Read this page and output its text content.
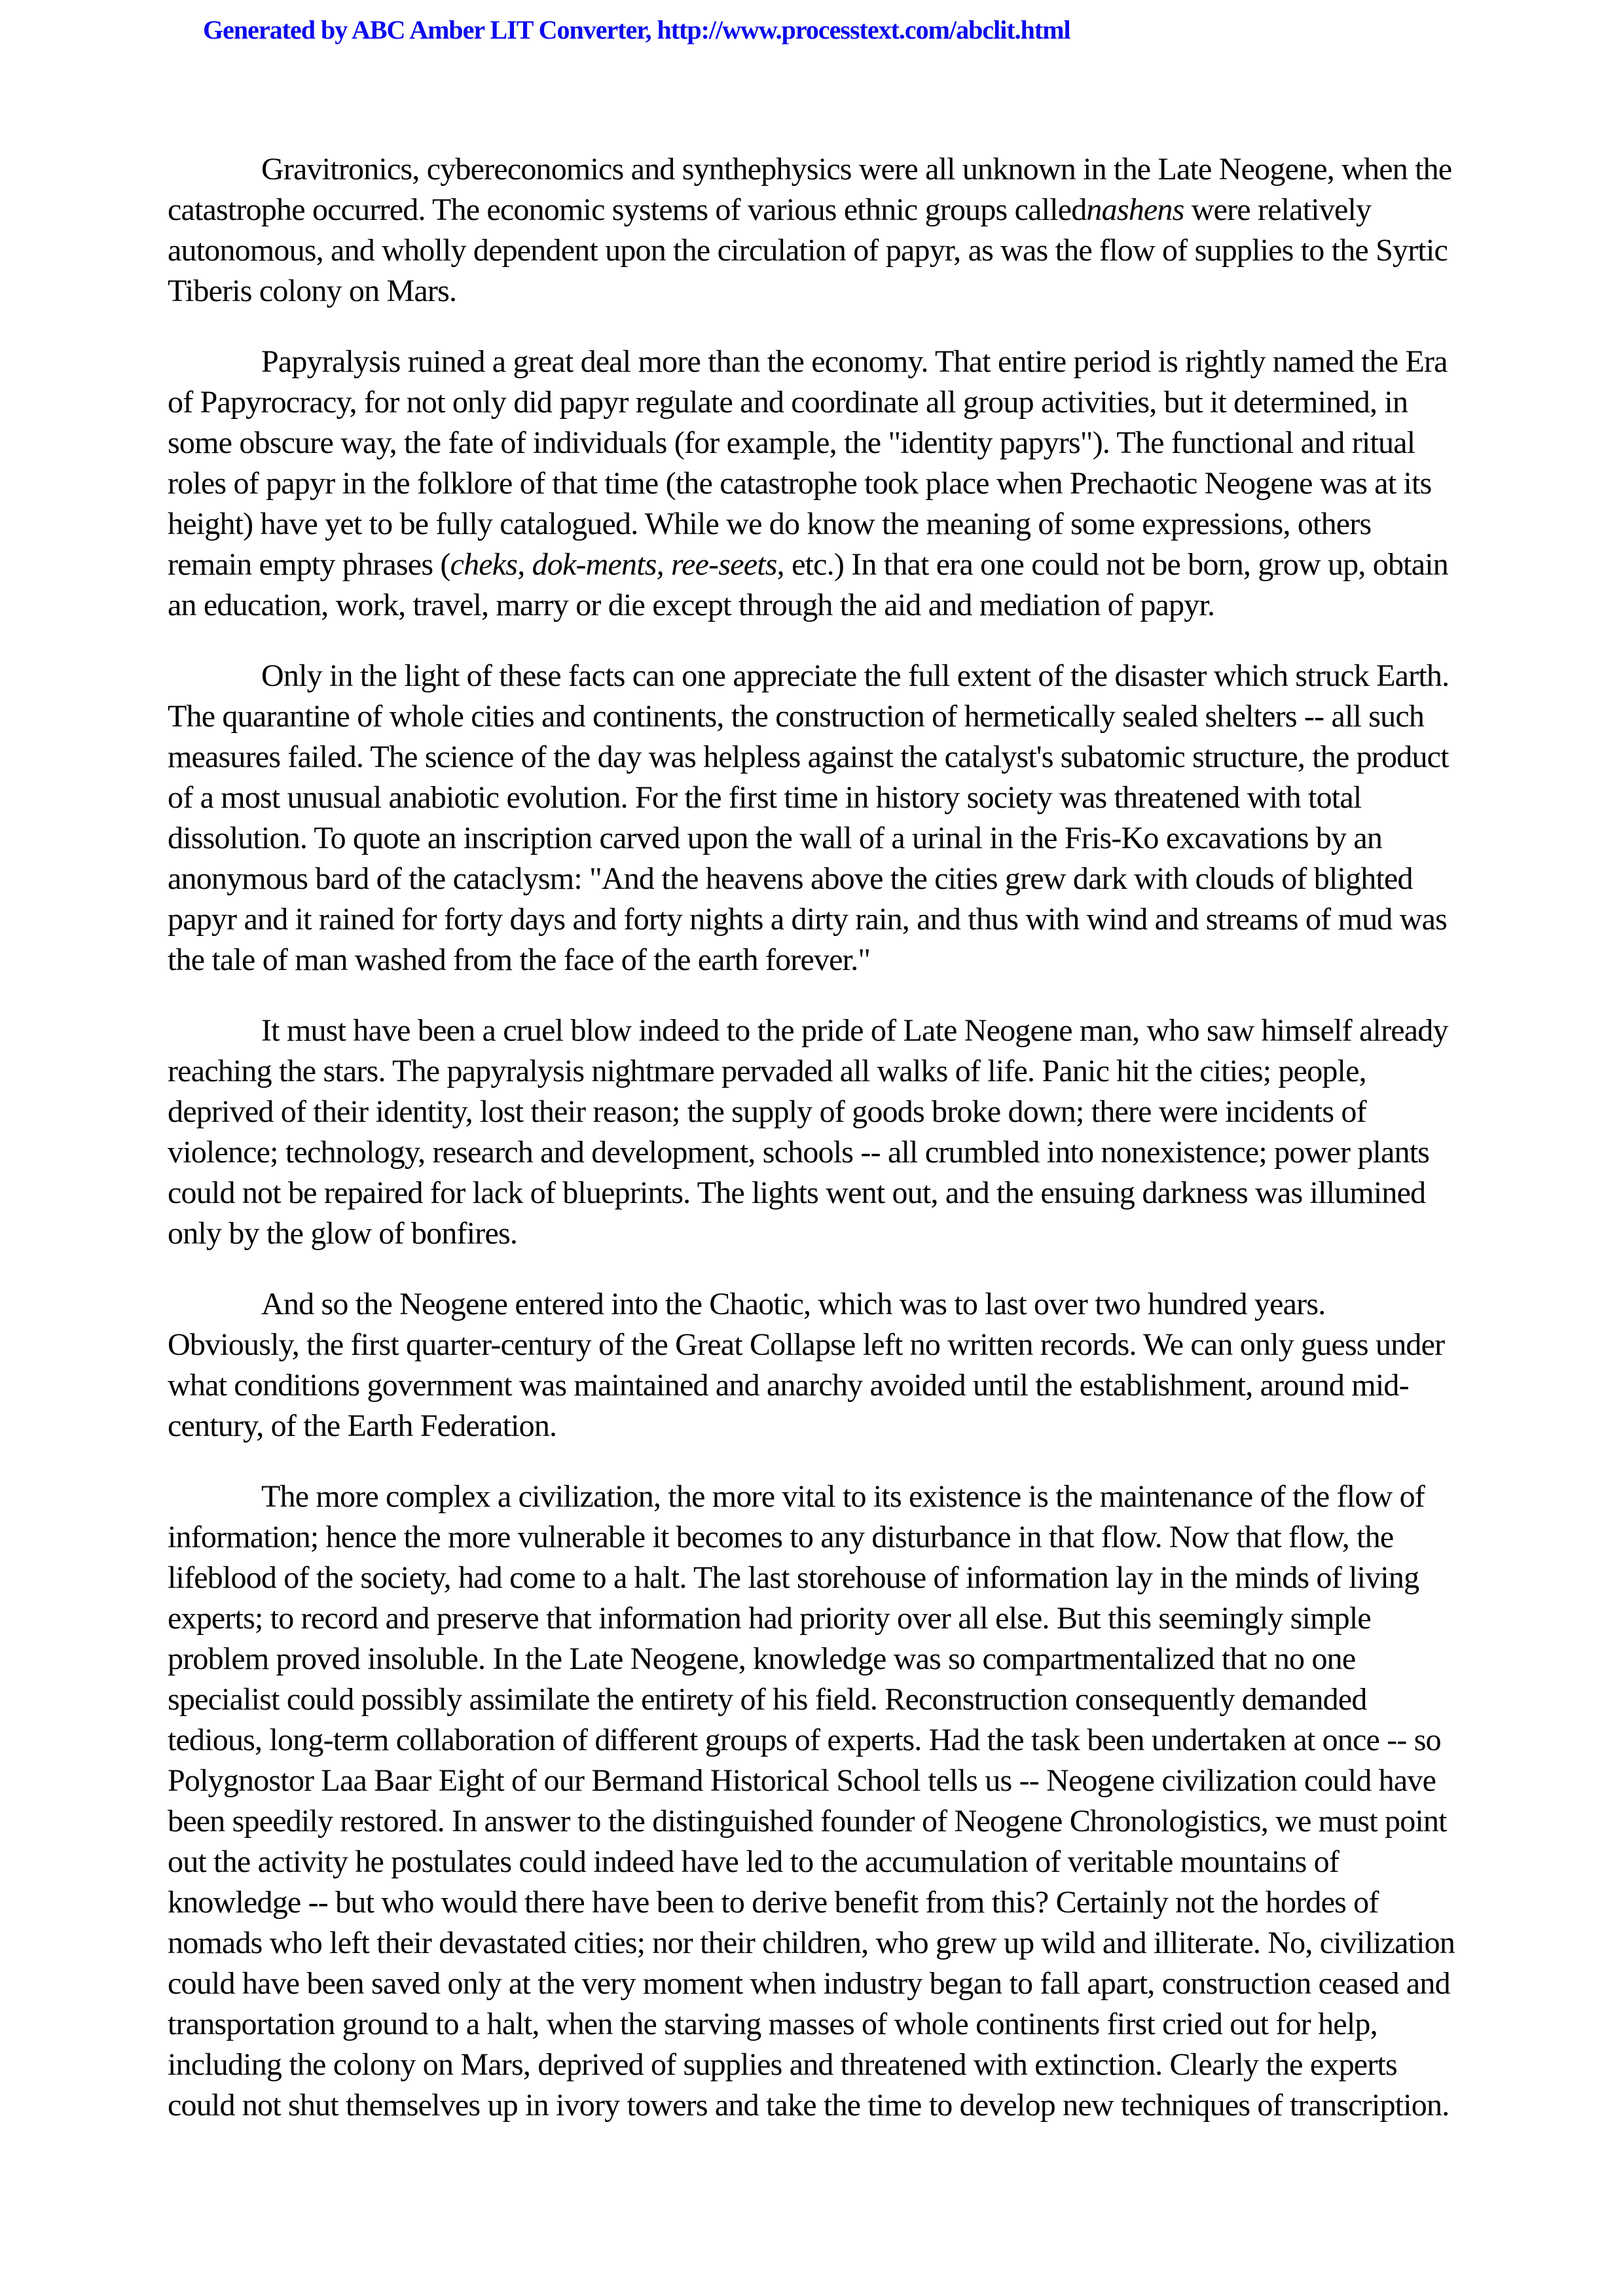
Generated by ABC Amber LIT Converter, http://www.processtext.com/abclit.html

Gravitronics, cybereconomics and synthephysics were all unknown in the Late Neogene, when the catastrophe occurred. The economic systems of various ethnic groups callednashens were relatively autonomous, and wholly dependent upon the circulation of papyr, as was the flow of supplies to the Syrtic Tiberis colony on Mars.

Papyralysis ruined a great deal more than the economy. That entire period is rightly named the Era of Papyrocracy, for not only did papyr regulate and coordinate all group activities, but it determined, in some obscure way, the fate of individuals (for example, the "identity papyrs"). The functional and ritual roles of papyr in the folklore of that time (the catastrophe took place when Prechaotic Neogene was at its height) have yet to be fully catalogued. While we do know the meaning of some expressions, others remain empty phrases (cheks, dok-ments, ree-seets, etc.) In that era one could not be born, grow up, obtain an education, work, travel, marry or die except through the aid and mediation of papyr.

Only in the light of these facts can one appreciate the full extent of the disaster which struck Earth. The quarantine of whole cities and continents, the construction of hermetically sealed shelters -- all such measures failed. The science of the day was helpless against the catalyst's subatomic structure, the product of a most unusual anabiotic evolution. For the first time in history society was threatened with total dissolution. To quote an inscription carved upon the wall of a urinal in the Fris-Ko excavations by an anonymous bard of the cataclysm: "And the heavens above the cities grew dark with clouds of blighted papyr and it rained for forty days and forty nights a dirty rain, and thus with wind and streams of mud was the tale of man washed from the face of the earth forever."

It must have been a cruel blow indeed to the pride of Late Neogene man, who saw himself already reaching the stars. The papyralysis nightmare pervaded all walks of life. Panic hit the cities; people, deprived of their identity, lost their reason; the supply of goods broke down; there were incidents of violence; technology, research and development, schools -- all crumbled into nonexistence; power plants could not be repaired for lack of blueprints. The lights went out, and the ensuing darkness was illumined only by the glow of bonfires.

And so the Neogene entered into the Chaotic, which was to last over two hundred years. Obviously, the first quarter-century of the Great Collapse left no written records. We can only guess under what conditions government was maintained and anarchy avoided until the establishment, around mid-century, of the Earth Federation.

The more complex a civilization, the more vital to its existence is the maintenance of the flow of information; hence the more vulnerable it becomes to any disturbance in that flow. Now that flow, the lifeblood of the society, had come to a halt. The last storehouse of information lay in the minds of living experts; to record and preserve that information had priority over all else. But this seemingly simple problem proved insoluble. In the Late Neogene, knowledge was so compartmentalized that no one specialist could possibly assimilate the entirety of his field. Reconstruction consequently demanded tedious, long-term collaboration of different groups of experts. Had the task been undertaken at once -- so Polygnostor Laa Baar Eight of our Bermand Historical School tells us -- Neogene civilization could have been speedily restored. In answer to the distinguished founder of Neogene Chronologistics, we must point out the activity he postulates could indeed have led to the accumulation of veritable mountains of knowledge -- but who would there have been to derive benefit from this? Certainly not the hordes of nomads who left their devastated cities; nor their children, who grew up wild and illiterate. No, civilization could have been saved only at the very moment when industry began to fall apart, construction ceased and transportation ground to a halt, when the starving masses of whole continents first cried out for help, including the colony on Mars, deprived of supplies and threatened with extinction. Clearly the experts could not shut themselves up in ivory towers and take the time to develop new techniques of transcription.
